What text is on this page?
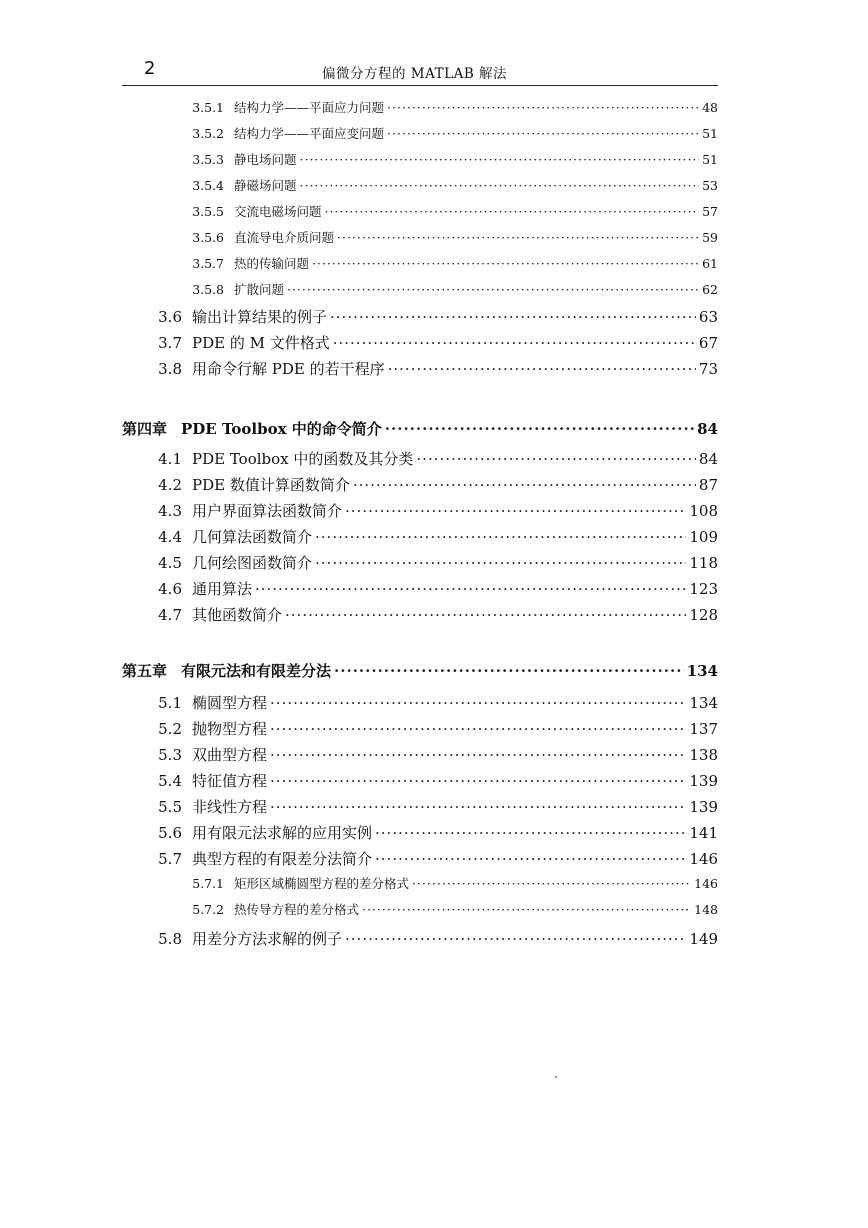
2	偏微分方程的 MATLAB 解法
3.5.1 结构力学——平面应力问题 ·····	48
3.5.2 结构力学——平面应变问题 ·····	51
3.5.3 静电场问题 ·····	51
3.5.4 静磁场问题 ·····	53
3.5.5 交流电磁场问题 ·····	57
3.5.6 直流导电介质问题 ·····	59
3.5.7 热的传输问题 ·····	61
3.5.8 扩散问题 ·····	62
3.6 输出计算结果的例子 ·····	63
3.7 PDE 的 M 文件格式 ·····	67
3.8 用命令行解 PDE 的若干程序 ·····	73
第四章 PDE Toolbox 中的命令简介 ·····	84
4.1 PDE Toolbox 中的函数及其分类 ·····	84
4.2 PDE 数值计算函数简介 ·····	87
4.3 用户界面算法函数简介 ·····	108
4.4 几何算法函数简介 ·····	109
4.5 几何绘图函数简介 ·····	118
4.6 通用算法 ·····	123
4.7 其他函数简介 ·····	128
第五章 有限元法和有限差分法 ·····	134
5.1 椭圆型方程 ·····	134
5.2 抛物型方程 ·····	137
5.3 双曲型方程 ·····	138
5.4 特征值方程 ·····	139
5.5 非线性方程 ·····	139
5.6 用有限元法求解的应用实例 ·····	141
5.7 典型方程的有限差分法简介 ·····	146
5.7.1 矩形区域椭圆型方程的差分格式 ·····	146
5.7.2 热传导方程的差分格式 ·····	148
5.8 用差分方法求解的例子 ·····	149
